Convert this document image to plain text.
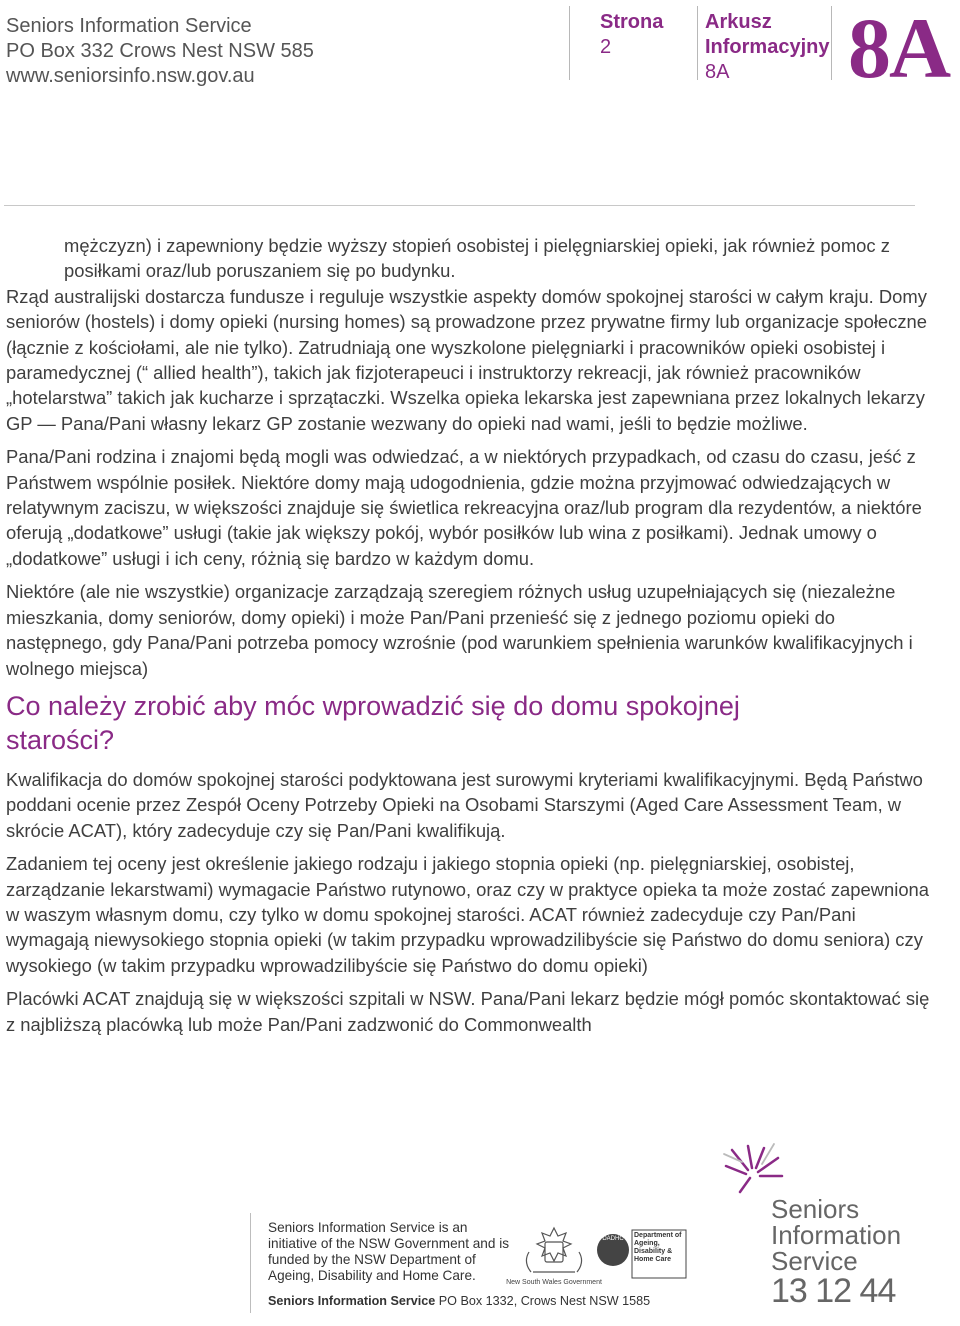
Seniors Information Service
PO Box 332 Crows Nest NSW 585
www.seniorsinfo.nsw.gov.au
Strona
2
Arkusz
Informacyjny
8A	8A

mężczyzn) i zapewniony będzie wyższy stopień osobistej i pielęgniarskiej opieki, jak również pomoc z posiłkami oraz/lub poruszaniem się po budynku.

Rząd australijski dostarcza fundusze i reguluje wszystkie aspekty domów spokojnej starości w całym kraju. Domy seniorów (hostels) i domy opieki (nursing homes) są prowadzone przez prywatne firmy lub organizacje społeczne (łącznie z kościołami, ale nie tylko). Zatrudniają one wyszkolone pielęgniarki i pracowników opieki osobistej i paramedycznej (“ allied health”), takich jak fizjoterapeuci i instruktorzy rekreacji, jak również pracowników „hotelarstwa” takich jak kucharze i sprzątaczki. Wszelka opieka lekarska jest zapewniana przez lokalnych lekarzy GP — Pana/Pani własny lekarz GP zostanie wezwany do opieki nad wami, jeśli to będzie możliwe.

Pana/Pani rodzina i znajomi będą mogli was odwiedzać, a w niektórych przypadkach, od czasu do czasu, jeść z Państwem wspólnie posiłek. Niektóre domy mają udogodnienia, gdzie można przyjmować odwiedzających w relatywnym zaciszu, w większości znajduje się świetlica rekreacyjna oraz/lub program dla rezydentów, a niektóre oferują „dodatkowe” usługi (takie jak większy pokój, wybór posiłków lub wina z posiłkami). Jednak umowy o „dodatkowe” usługi i ich ceny, różnią się bardzo w każdym domu.

Niektóre (ale nie wszystkie) organizacje zarządzają szeregiem różnych usług uzupełniających się (niezależne mieszkania, domy seniorów, domy opieki) i może Pan/Pani przenieść się z jednego poziomu opieki do następnego, gdy Pana/Pani potrzeba pomocy wzrośnie (pod warunkiem spełnienia warunków kwalifikacyjnych i wolnego miejsca)

Co należy zrobić aby móc wprowadzić się do domu spokojnej starości?

Kwalifikacja do domów spokojnej starości podyktowana jest surowymi kryteriami kwalifikacyjnymi. Będą Państwo poddani ocenie przez Zespół Oceny Potrzeby Opieki na Osobami Starszymi (Aged Care Assessment Team, w skrócie ACAT), który zadecyduje czy się Pan/Pani kwalifikują.

Zadaniem tej oceny jest określenie jakiego rodzaju i jakiego stopnia opieki (np. pielęgniarskiej, osobistej, zarządzanie lekarstwami) wymagacie Państwo rutynowo, oraz czy w praktyce opieka ta może zostać zapewniona w waszym własnym domu, czy tylko w domu spokojnej starości. ACAT również zadecyduje czy Pan/Pani wymagają niewysokiego stopnia opieki (w takim przypadku wprowadzilibyście się Państwo do domu seniora) czy wysokiego (w takim przypadku wprowadzilibyście się Państwo do domu opieki)

Placówki ACAT znajdują się w większości szpitali w NSW. Pana/Pani lekarz będzie mógł pomóc skontaktować się z najbliższą placówką lub może Pan/Pani zadzwonić do Commonwealth

Seniors Information Service is an initiative of the NSW Government and is funded by the NSW Department of Ageing, Disability and Home Care.
Seniors Information Service PO Box 1332, Crows Nest NSW 1585
New South Wales Government
DADHC Department of Ageing, Disability & Home Care
Seniors
Information
Service
13 12 44
